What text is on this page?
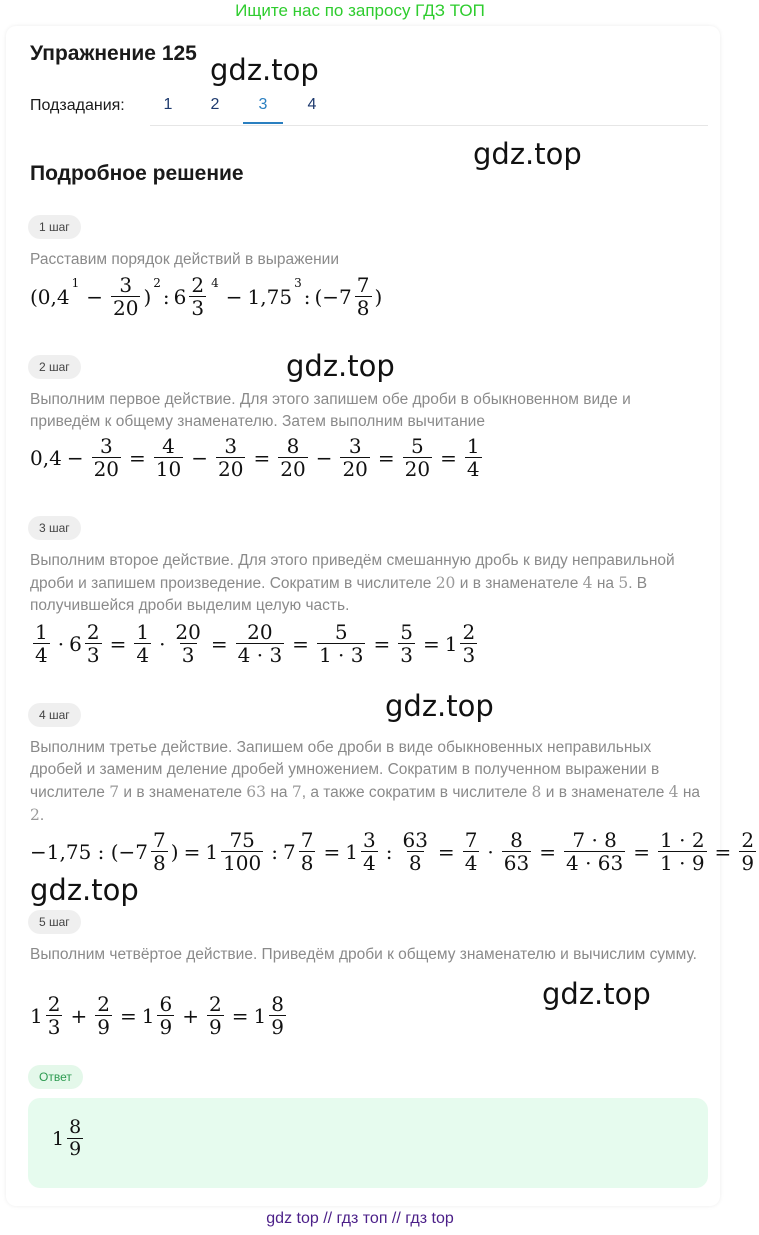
Ищите нас по запросу ГДЗ ТОП
Упражнение 125 gdz.top
gdz.top
gdz.top
gdz.top
gdz.top
gdz.top
Подзадания:	1	2	3	4
Подробное решение
1 шаг
Расставим порядок действий в выражении
(0,4
1
− $\frac{3}{20}$ )
2
: $6 \frac{2}{3} 4$
− 1,75
3
: ($-7 \frac{7}{8}$ )
2 шаг
Выполним первое действие. Для этого запишем обе дроби в обыкновенном виде и приведём к общему знаменателю. Затем выполним вычитание
$0,4 - \frac{3}{20} = \frac{4}{10} - \frac{3}{20} = \frac{8}{20} - \frac{3}{20} = \frac{5}{20} = \frac{1}{4}$
3 шаг
Выполним второе действие. Для этого приведём смешанную дробь к виду неправильной дроби и запишем произведение. Сократим в числителе 20 и в знаменателе 4 на 5. В получившейся дроби выделим целую часть.
$\frac{1}{4} \cdot 6 \frac{2}{3} = \frac{1}{4} \cdot \frac{20}{3} = \frac{20}{4 \cdot 3} = \frac{5}{1 \cdot 3} = \frac{5}{3} = 1 \frac{2}{3}$
4 шаг
Выполним третье действие. Запишем обе дроби в виде обыкновенных неправильных дробей и заменим деление дробей умножением. Сократим в полученном выражении в числителе 7 и в знаменателе 63 на 7, а также сократим в числителе 8 и в знаменателе 4 на 2.
−1,75 : ($-7 \frac{7}{8}$ ) = $1 \frac{75}{100}$ : $7 \frac{7}{8} = 1 \frac{3}{4}$ : $\frac{63}{8} = \frac{7}{4} \cdot \frac{8}{63} = \frac{7 \cdot 8}{4 \cdot 63} = \frac{1 \cdot 2}{1 \cdot 9} = \frac{2}{9}$
5 шаг
Выполним четвёртое действие. Приведём дроби к общему знаменателю и вычислим сумму.
$1 \frac{2}{3} + \frac{2}{9} = 1 \frac{6}{9} + \frac{2}{9} = 1 \frac{8}{9}$
Ответ
$1 \frac{8}{9}$
gdz top // гдз топ // гдз top
